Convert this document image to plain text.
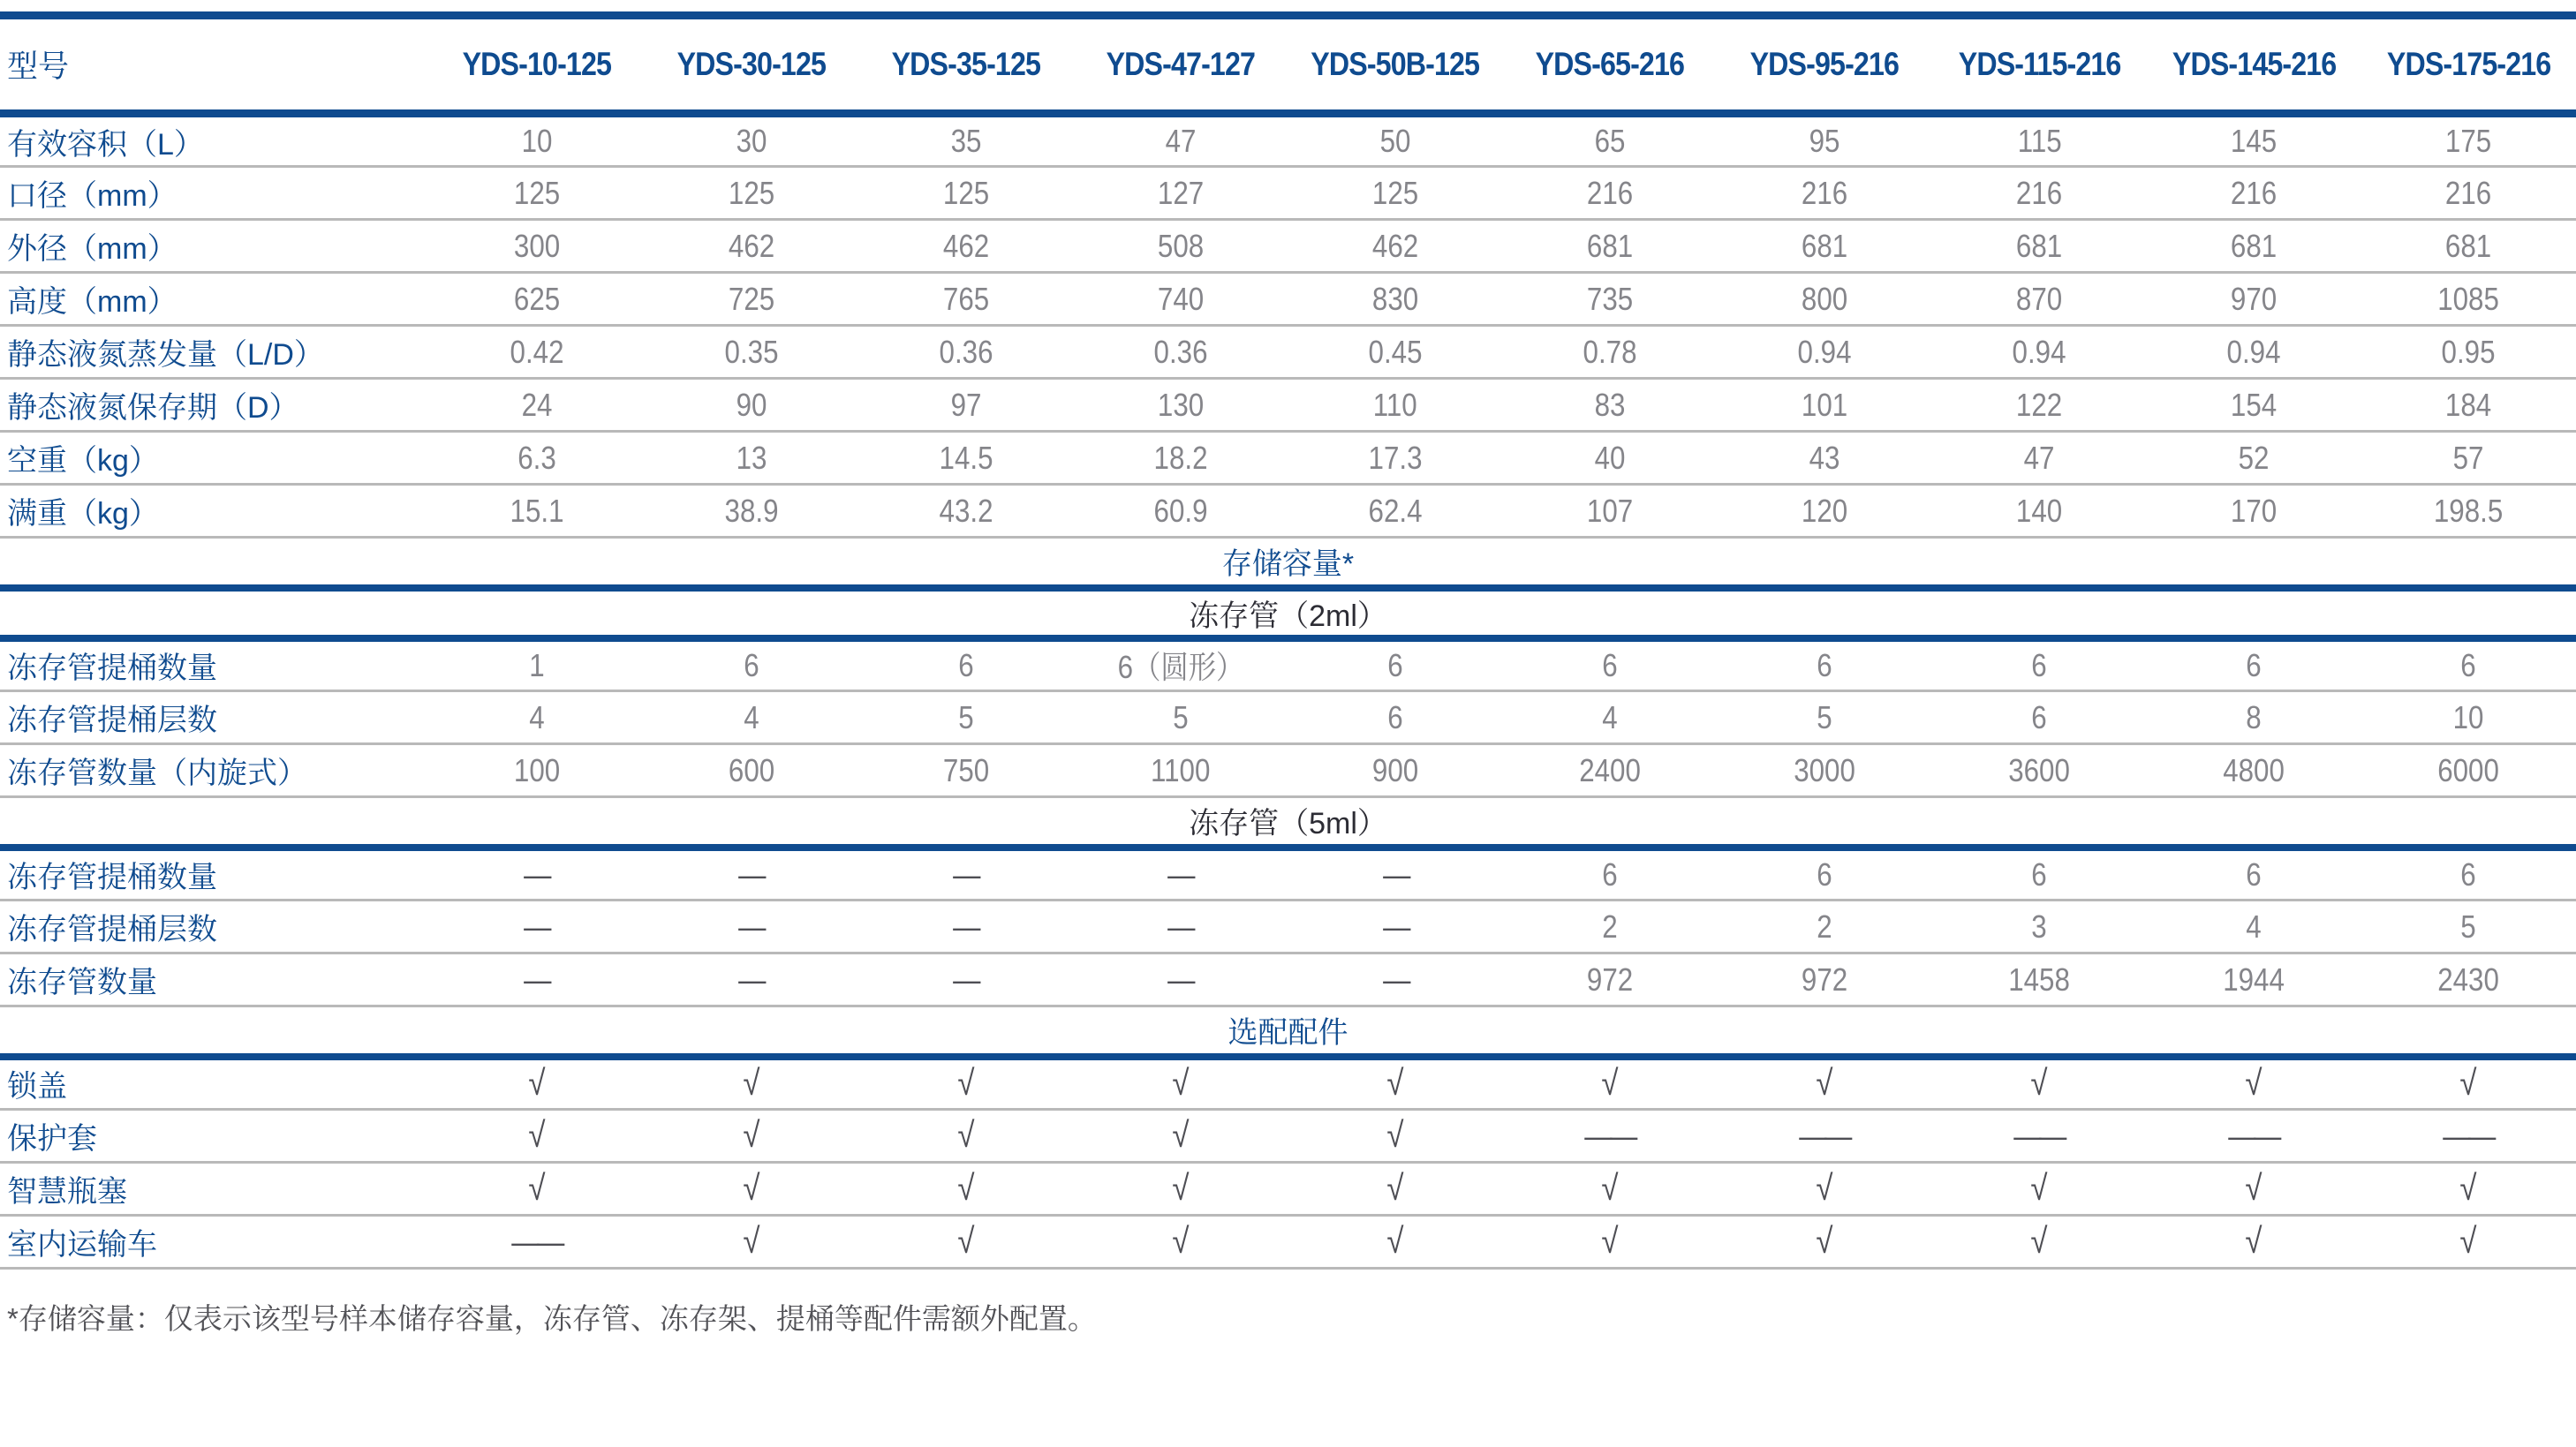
型号	YDS-10-125	YDS-30-125	YDS-35-125	YDS-47-127	YDS-50B-125	YDS-65-216	YDS-95-216	YDS-115-216	YDS-145-216	YDS-175-216
有效容积（L）	10	30	35	47	50	65	95	115	145	175
口径（mm）	125	125	125	127	125	216	216	216	216	216
外径（mm）	300	462	462	508	462	681	681	681	681	681
高度（mm）	625	725	765	740	830	735	800	870	970	1085
静态液氮蒸发量（L/D）	0.42	0.35	0.36	0.36	0.45	0.78	0.94	0.94	0.94	0.95
静态液氮保存期（D）	24	90	97	130	110	83	101	122	154	184
空重（kg）	6.3	13	14.5	18.2	17.3	40	43	47	52	57
满重（kg）	15.1	38.9	43.2	60.9	62.4	107	120	140	170	198.5
存储容量*										
冻存管（2ml）										
冻存管提桶数量	1	6	6	6（圆形）	6	6	6	6	6	6
冻存管提桶层数	4	4	5	5	6	4	5	6	8	10
冻存管数量（内旋式）	100	600	750	1100	900	2400	3000	3600	4800	6000
冻存管（5ml）										
冻存管提桶数量	—	—	—	—	—	6	6	6	6	6
冻存管提桶层数	—	—	—	—	—	2	2	3	4	5
冻存管数量	—	—	—	—	—	972	972	1458	1944	2430
选配配件										
锁盖	√	√	√	√	√	√	√	√	√	√
保护套	√	√	√	√	√	——	——	——	——	——
智慧瓶塞	√	√	√	√	√	√	√	√	√	√
室内运输车	——	√	√	√	√	√	√	√	√	√
*存储容量：仅表示该型号样本储存容量，冻存管、冻存架、提桶等配件需额外配置。
